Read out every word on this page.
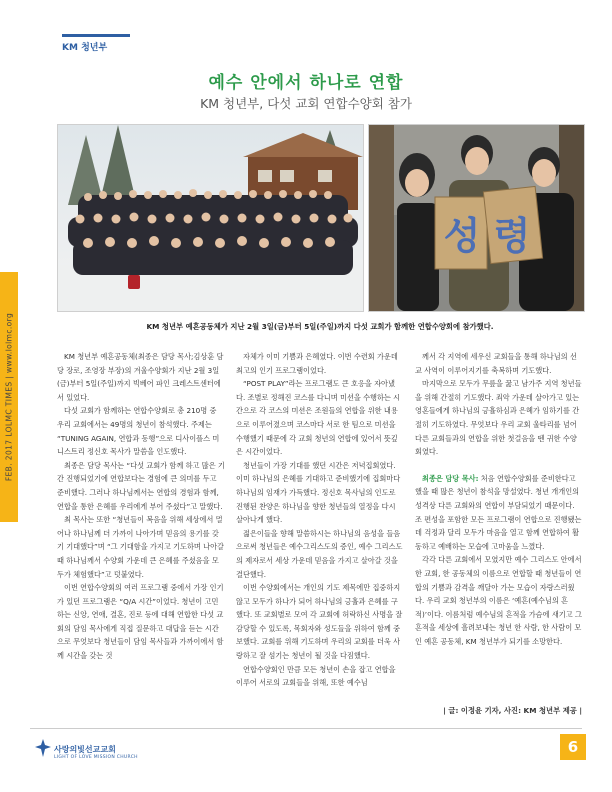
KM 청년부
예수 안에서 하나로 연합
KM 청년부, 다섯 교회 연합수양회 참가
FEB. 2017 LOLMC TIMES | www.lolmc.org
성 령
KM 청년부 예흔공동체가 지난 2월 3일(금)부터 5일(주일)까지 다섯 교회가 함께한 연합수양회에 참가했다.

KM 청년부 예흔공동체(최종은 담당 목사;김상훈 담당 장로, 조영장 부장)의 겨울수양회가 지난 2월 3일(금)부터 5일(주일)까지 빅베어 파인 크레스트센터에서 있었다.

다섯 교회가 함께하는 연합수양회로 총 210명 중 우리 교회에서는 49명의 청년이 참석했다. 주제는 “TUNING AGAIN, 연합과 동행”으로 디사이플스 미니스트리 정신호 목사가 말씀을 인도했다.

최종은 담당 목사는 “다섯 교회가 함께 하고 많은 기간 진행되었기에 연합보다는 경험에 큰 의미를 두고 준비했다. 그러나 하나님께서는 연합의 경험과 함께, 연합을 통한 은혜를 우리에게 부어 주셨다”고 말했다.

최 목사는 또한 “청년들이 복음을 위해 세상에서 멀어나 하나님께 더 가까이 나아가며 믿음의 용기를 갖기 기대했다”며 “그 기대함을 가지고 기도하며 나아갈 때 하나님께서 수양회 가운데 큰 은혜를 주셨음을 모두가 체험했다”고 덧붙였다.

이번 연합수양회의 여러 프로그램 중에서 가장 인기가 있던 프로그램은 “Q/A 시간”이었다. 청년이 고민하는 신앙, 연애, 결혼, 진로 등에 대해 연합한 다섯 교회의 담임 목사에게 직접 질문하고 대답을 듣는 시간으로 무엇보다 청년들이 담임 목사들과 가까이에서 함께 시간을 갖는 것

자체가 이미 기쁨과 은혜였다. 이번 수련회 가운데 최고의 인기 프로그램이었다.

“POST PLAY”라는 프로그램도 큰 호응을 자아냈다. 조별로 정해진 코스를 다니며 미션을 수행하는 시간으로 각 코스의 미션은 조원들의 연합을 위한 내용으로 이루어졌으며 코스마다 서로 한 팀으로 미션을 수행했기 때문에 각 교회 청년의 연합에 있어서 뜻깊은 시간이었다.

청년들이 가장 기대를 했던 시간은 저녁집회였다. 이미 하나님의 은혜를 기대하고 준비했기에 집회마다 하나님의 임재가 가득했다. 정신호 목사님의 인도로 진행된 찬양은 하나님을 향한 청년들의 열정을 다시 살아나게 했다.

젊은이들을 향해 말씀하시는 하나님의 음성을 들음으로써 청년들은 예수그리스도의 증인, 예수 그리스도의 제자로서 세상 가운데 믿음을 가지고 살아갈 것을 결단했다.

이번 수양회에서는 개인의 기도 제목에만 집중하지 않고 모두가 하나가 되어 하나님의 긍휼과 은혜를 구했다. 또 교회별로 모여 각 교회에 허락하신 사명을 잘 감당할 수 있도록, 목회자와 성도들을 위하여 함께 중보했다. 교회를 위해 기도하며 우리의 교회를 더욱 사랑하고 잘 섬기는 청년이 될 것을 다짐했다.

연합수양회인 만큼 모든 청년이 손을 잡고 연합을 이루어 서로의 교회들을 위해, 또한 예수님

께서 각 지역에 세우신 교회들을 통해 하나님의 선교 사역이 이루어지기를 축복하며 기도했다.

마지막으로 모두가 무릎을 꿇고 남가주 지역 청년들을 위해 간절히 기도했다. 죄악 가운데 살아가고 있는 영혼들에게 하나님의 긍휼하심과 은혜가 임하기를 간절히 기도하였다. 무엇보다 우리 교회 울타리를 넘어 다른 교회들과의 연합을 위한 첫걸음을 뗀 귀한 수양회였다.

최종은 담당 목사: 처음 연합수양회를 준비한다고 했을 때 많은 청년이 참석을 망설였다. 청년 개개인의 성격상 다른 교회와의 연합이 부담되었기 때문이다. 조 편성을 포함한 모든 프로그램이 연합으로 진행됐는데 걱정과 달리 모두가 마음을 열고 함께 연합하여 활동하고 예배하는 모습에 고마움을 느꼈다.

각각 다른 교회에서 모였지만 예수 그리스도 안에서 한 교회, 한 공동체의 이름으로 연합할 때 청년들이 연합의 기쁨과 감격을 깨달아 가는 모습이 자랑스러웠다. 우리 교회 청년부의 이름은 ‘예흔(예수님의 흔적)’이다. 이름처럼 예수님의 흔적을 가슴에 새기고 그 흔적을 세상에 흘려보내는 청년 한 사람, 한 사람이 모인 예흔 공동체, KM 청년부가 되기를 소망한다.

| 글: 이정윤 기자, 사진: KM 청년부 제공 |
사랑의빛선교교회
LIGHT OF LOVE MISSION CHURCH
6
